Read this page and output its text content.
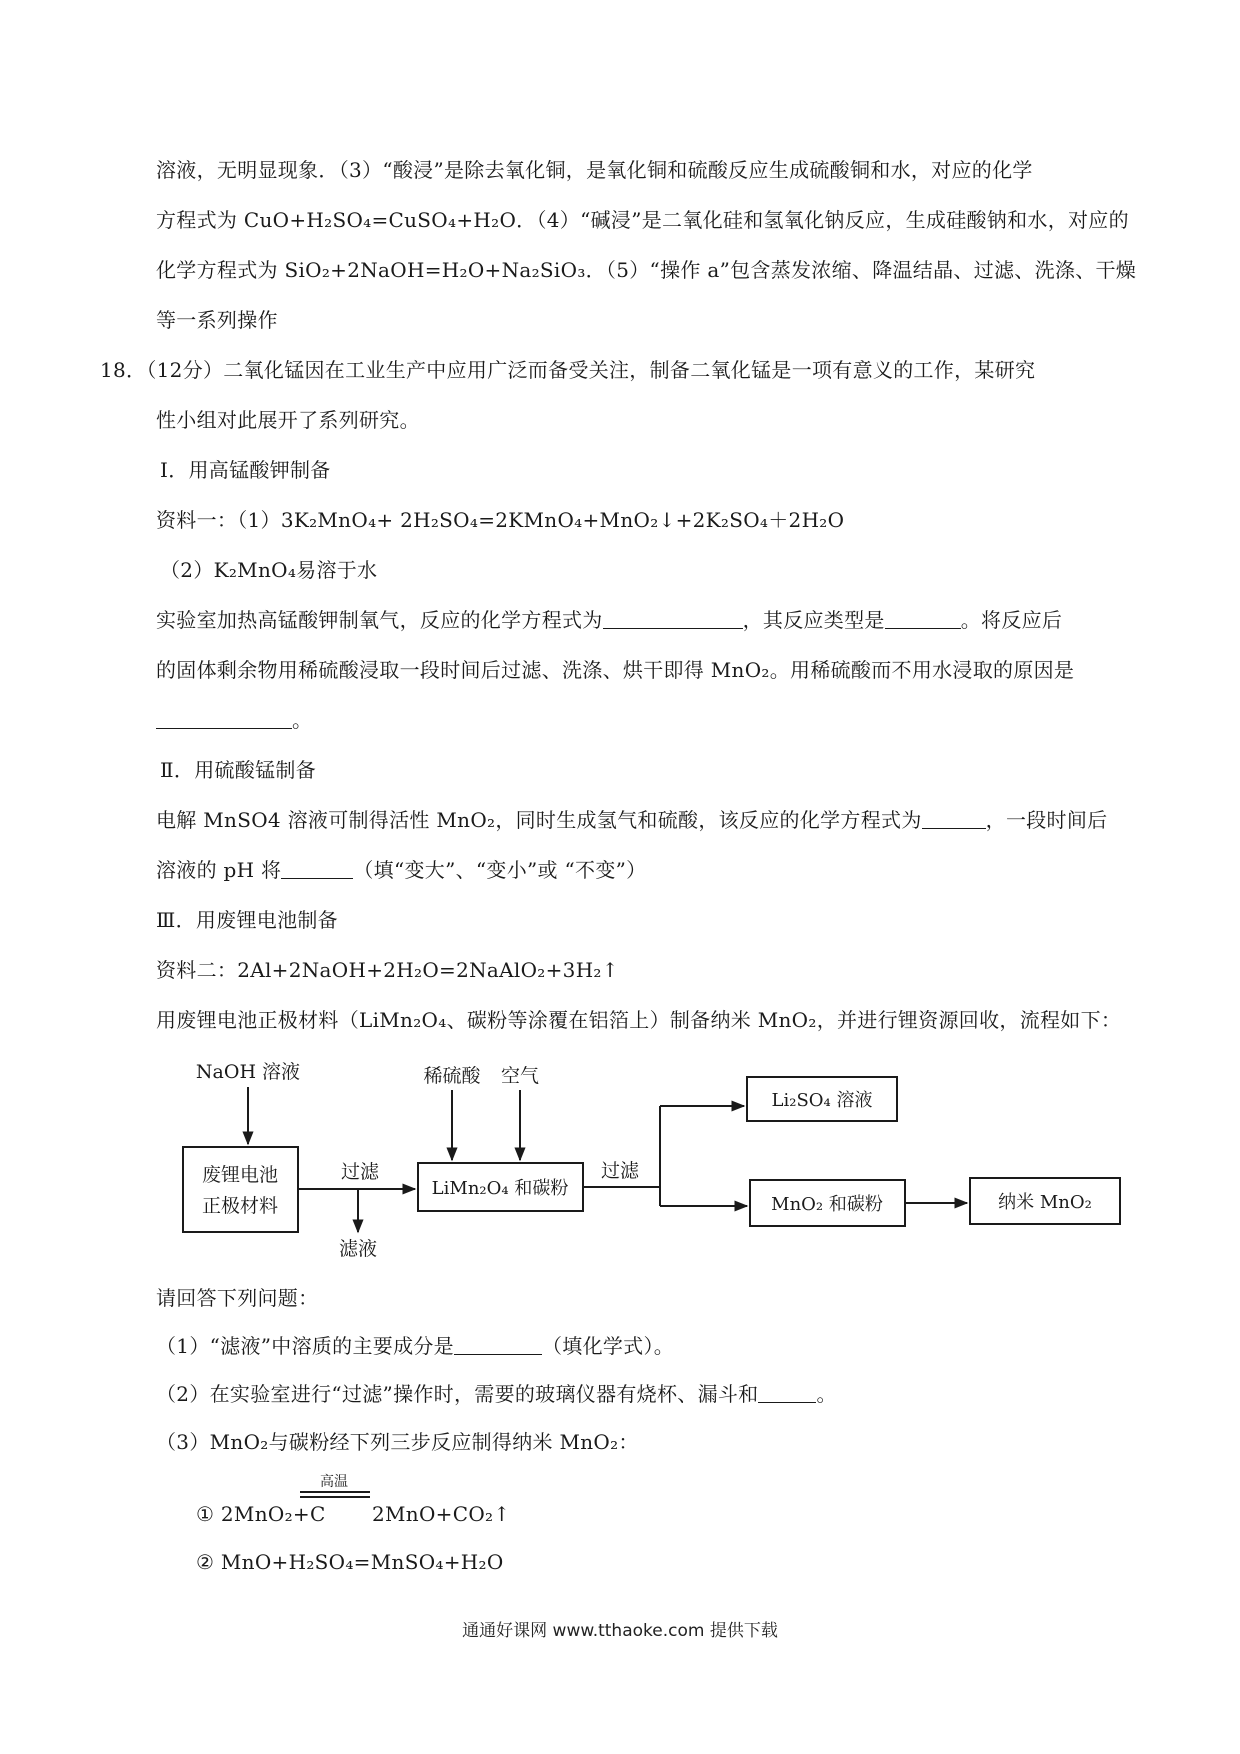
溶液，无明显现象．（3）“酸浸”是除去氧化铜，是氧化铜和硫酸反应生成硫酸铜和水，对应的化学
方程式为 CuO+H₂SO₄=CuSO₄+H₂O．（4）“碱浸”是二氧化硅和氢氧化钠反应，生成硅酸钠和水，对应的
化学方程式为 SiO₂+2NaOH=H₂O+Na₂SiO₃．（5）“操作 a”包含蒸发浓缩、降温结晶、过滤、洗涤、干燥
等一系列操作
18．（12分）二氧化锰因在工业生产中应用广泛而备受关注，制备二氧化锰是一项有意义的工作，某研究
性小组对此展开了系列研究。
Ⅰ．用高锰酸钾制备
资料一：（1）3K₂MnO₄+ 2H₂SO₄=2KMnO₄+MnO₂↓+2K₂SO₄＋2H₂O
（2）K₂MnO₄易溶于水
实验室加热高锰酸钾制氧气，反应的化学方程式为	，其反应类型是	。将反应后
的固体剩余物用稀硫酸浸取一段时间后过滤、洗涤、烘干即得 MnO₂。用稀硫酸而不用水浸取的原因是
。
Ⅱ．用硫酸锰制备
电解 MnSO4 溶液可制得活性 MnO₂，同时生成氢气和硫酸，该反应的化学方程式为	，一段时间后
溶液的 pH 将	（填“变大”、“变小”或 “不变”）
Ⅲ．用废锂电池制备
资料二：2Al+2NaOH+2H₂O=2NaAlO₂+3H₂↑
用废锂电池正极材料（LiMn₂O₄、碳粉等涂覆在铝箔上）制备纳米 MnO₂，并进行锂资源回收，流程如下：
NaOH 溶液
废锂电池
正极材料
过滤
滤液
稀硫酸 空气
LiMn₂O₄ 和碳粉
过滤
Li₂SO₄ 溶液
MnO₂ 和碳粉	纳米 MnO₂
请回答下列问题：
（1）“滤液”中溶质的主要成分是	（填化学式）。
（2）在实验室进行“过滤”操作时，需要的玻璃仪器有烧杯、漏斗和	。
（3）MnO₂与碳粉经下列三步反应制得纳米 MnO₂：
高温
① 2MnO₂+C 2MnO+CO₂↑
② MnO+H₂SO₄=MnSO₄+H₂O
通通好课网 www.tthaoke.com 提供下载
